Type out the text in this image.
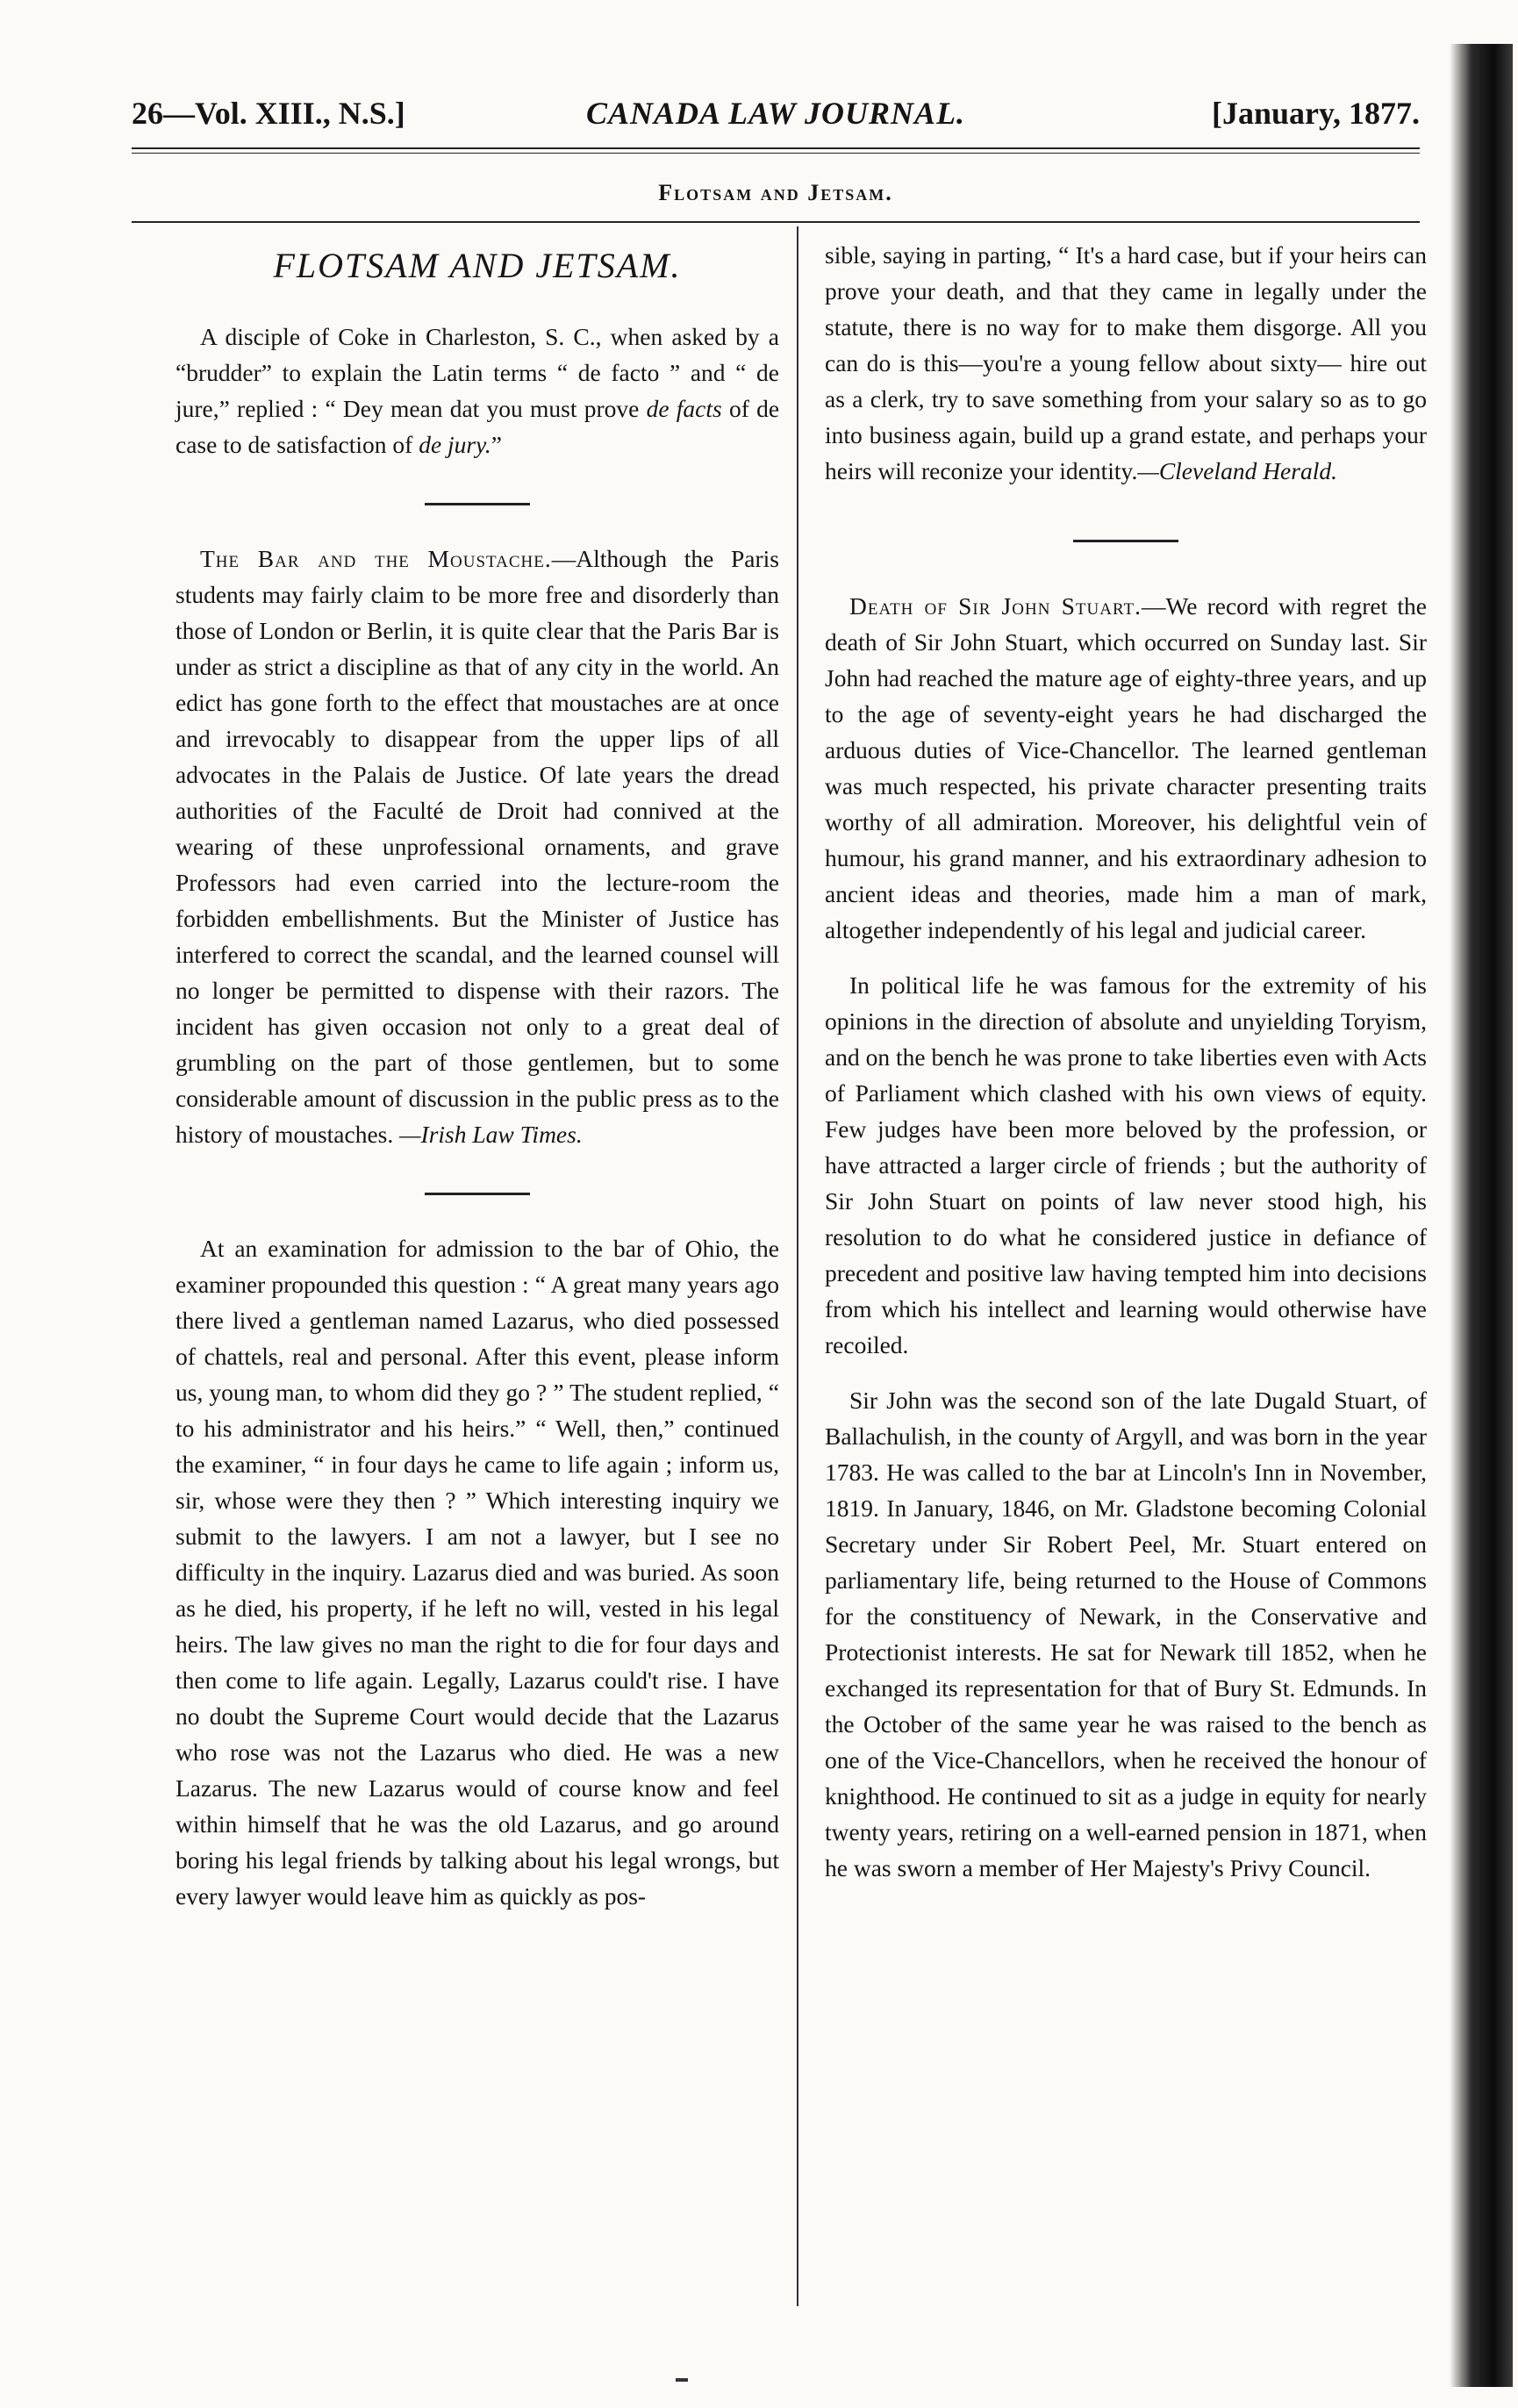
26—Vol. XIII., N.S.]	CANADA LAW JOURNAL.	[January, 1877.
Flotsam and Jetsam.
FLOTSAM AND JETSAM.

A disciple of Coke in Charleston, S. C., when asked by a “brudder” to explain the Latin terms “ de facto ” and “ de jure,” replied : “ Dey mean dat you must prove de facts of de case to de satisfaction of de jury.”

The Bar and the Moustache.—Although the Paris students may fairly claim to be more free and disorderly than those of London or Berlin, it is quite clear that the Paris Bar is under as strict a discipline as that of any city in the world. An edict has gone forth to the effect that moustaches are at once and irrevocably to disappear from the upper lips of all advocates in the Palais de Justice. Of late years the dread authorities of the Faculté de Droit had connived at the wearing of these unprofessional ornaments, and grave Professors had even carried into the lecture-room the forbidden embellishments. But the Minister of Justice has interfered to correct the scandal, and the learned counsel will no longer be permitted to dispense with their razors. The incident has given occasion not only to a great deal of grumbling on the part of those gentlemen, but to some considerable amount of discussion in the public press as to the history of moustaches. —Irish Law Times.

At an examination for admission to the bar of Ohio, the examiner propounded this question : “ A great many years ago there lived a gentleman named Lazarus, who died possessed of chattels, real and personal. After this event, please inform us, young man, to whom did they go ? ” The student replied, “ to his administrator and his heirs.” “ Well, then,” continued the examiner, “ in four days he came to life again ; inform us, sir, whose were they then ? ” Which interesting inquiry we submit to the lawyers. I am not a lawyer, but I see no difficulty in the inquiry. Lazarus died and was buried. As soon as he died, his property, if he left no will, vested in his legal heirs. The law gives no man the right to die for four days and then come to life again. Legally, Lazarus could't rise. I have no doubt the Supreme Court would decide that the Lazarus who rose was not the Lazarus who died. He was a new Lazarus. The new Lazarus would of course know and feel within himself that he was the old Lazarus, and go around boring his legal friends by talking about his legal wrongs, but every lawyer would leave him as quickly as pos-

sible, saying in parting, “ It's a hard case, but if your heirs can prove your death, and that they came in legally under the statute, there is no way for to make them disgorge. All you can do is this—you're a young fellow about sixty— hire out as a clerk, try to save something from your salary so as to go into business again, build up a grand estate, and perhaps your heirs will reconize your identity.—Cleveland Herald.

Death of Sir John Stuart.—We record with regret the death of Sir John Stuart, which occurred on Sunday last. Sir John had reached the mature age of eighty-three years, and up to the age of seventy-eight years he had discharged the arduous duties of Vice-Chancellor. The learned gentleman was much respected, his private character presenting traits worthy of all admiration. Moreover, his delightful vein of humour, his grand manner, and his extraordinary adhesion to ancient ideas and theories, made him a man of mark, altogether independently of his legal and judicial career.

In political life he was famous for the extremity of his opinions in the direction of absolute and unyielding Toryism, and on the bench he was prone to take liberties even with Acts of Parliament which clashed with his own views of equity. Few judges have been more beloved by the profession, or have attracted a larger circle of friends ; but the authority of Sir John Stuart on points of law never stood high, his resolution to do what he considered justice in defiance of precedent and positive law having tempted him into decisions from which his intellect and learning would otherwise have recoiled.

Sir John was the second son of the late Dugald Stuart, of Ballachulish, in the county of Argyll, and was born in the year 1783. He was called to the bar at Lincoln's Inn in November, 1819. In January, 1846, on Mr. Gladstone becoming Colonial Secretary under Sir Robert Peel, Mr. Stuart entered on parliamentary life, being returned to the House of Commons for the constituency of Newark, in the Conservative and Protectionist interests. He sat for Newark till 1852, when he exchanged its representation for that of Bury St. Edmunds. In the October of the same year he was raised to the bench as one of the Vice-Chancellors, when he received the honour of knighthood. He continued to sit as a judge in equity for nearly twenty years, retiring on a well-earned pension in 1871, when he was sworn a member of Her Majesty's Privy Council.
